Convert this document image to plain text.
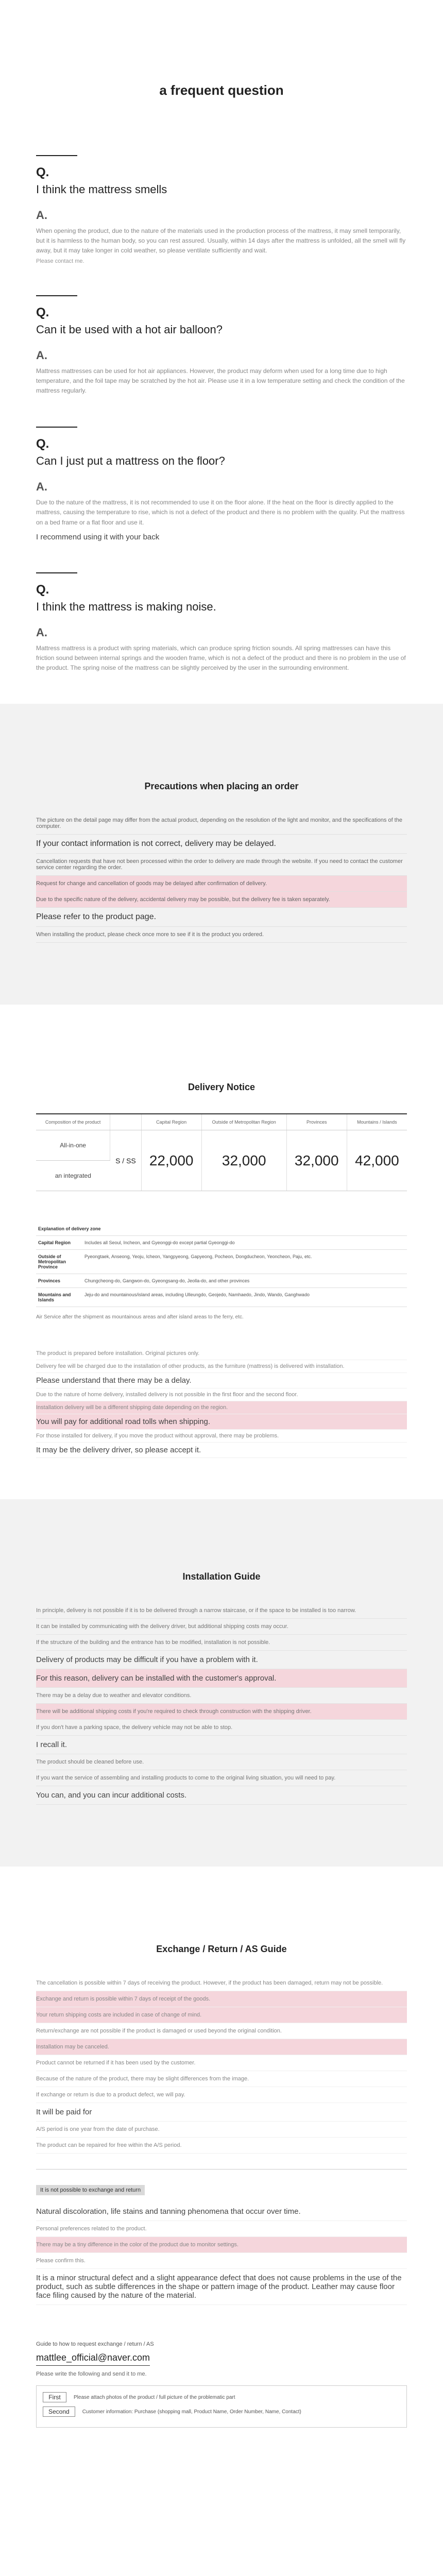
a frequent question
Q.
I think the mattress smells
A.
When opening the product, due to the nature of the materials used in the production process of the mattress, it may smell temporarily, but it is harmless to the human body, so you can rest assured. Usually, within 14 days after the mattress is unfolded, all the smell will fly away, but it may take longer in cold weather, so please ventilate sufficiently and wait.
Please contact me.
Q.
Can it be used with a hot air balloon?
A.
Mattress mattresses can be used for hot air appliances. However, the product may deform when used for a long time due to high temperature, and the foil tape may be scratched by the hot air. Please use it in a low temperature setting and check the condition of the mattress regularly.
Q.
Can I just put a mattress on the floor?
A.
Due to the nature of the mattress, it is not recommended to use it on the floor alone. If the heat on the floor is directly applied to the mattress, causing the temperature to rise, which is not a defect of the product and there is no problem with the quality. Put the mattress on a bed frame or a flat floor and use it.
I recommend using it with your back
Q.
I think the mattress is making noise.
A.
Mattress mattress is a product with spring materials, which can produce spring friction sounds. All spring mattresses can have this friction sound between internal springs and the wooden frame, which is not a defect of the product and there is no problem in the use of the product. The spring noise of the mattress can be slightly perceived by the user in the surrounding environment.
Precautions when placing an order
The picture on the detail page may differ from the actual product, depending on the resolution of the light and monitor, and the specifications of the computer.
If your contact information is not correct, delivery may be delayed.
Cancellation requests that have not been processed within the order to delivery are made through the website. If you need to contact the customer service center regarding the order.
Request for change and cancellation of goods may be delayed after confirmation of delivery.
Due to the specific nature of the delivery, accidental delivery may be possible, but the delivery fee is taken separately.
Please refer to the product page.
When installing the product, please check once more to see if it is the product you ordered.
Delivery Notice
Composition of the product		Capital Region	Outside of Metropolitan Region	Provinces	Mountains / Islands
All-in-one	S / SS	22,000	32,000	32,000	42,000
an integrated					
Explanation of delivery zone	
Capital Region	Includes all Seoul, Incheon, and Gyeonggi-do except partial Gyeonggi-do
Outside of Metropolitan Province	Pyeongtaek, Anseong, Yeoju, Icheon, Yangpyeong, Gapyeong, Pocheon, Dongducheon, Yeoncheon, Paju, etc.
Provinces	Chungcheong-do, Gangwon-do, Gyeongsang-do, Jeolla-do, and other provinces
Mountains and Islands	Jeju-do and mountainous/island areas, including Ulleungdo, Geojedo, Namhaedo, Jindo, Wando, Ganghwado

Air Service after the shipment as mountainous areas and after island areas to the ferry, etc.

The product is prepared before installation. Original pictures only.

Delivery fee will be charged due to the installation of other products, as the furniture (mattress) is delivered with installation.

Please understand that there may be a delay.

Due to the nature of home delivery, installed delivery is not possible in the first floor and the second floor.

Installation delivery will be a different shipping date depending on the region.

You will pay for additional road tolls when shipping.

For those installed for delivery, if you move the product without approval, there may be problems.

It may be the delivery driver, so please accept it.

Installation Guide

In principle, delivery is not possible if it is to be delivered through a narrow staircase, or if the space to be installed is too narrow.

It can be installed by communicating with the delivery driver, but additional shipping costs may occur.

If the structure of the building and the entrance has to be modified, installation is not possible.

Delivery of products may be difficult if you have a problem with it.

For this reason, delivery can be installed with the customer's approval.

There may be a delay due to weather and elevator conditions.

There will be additional shipping costs if you're required to check through construction with the shipping driver.

If you don't have a parking space, the delivery vehicle may not be able to stop.

I recall it.

The product should be cleaned before use.

If you want the service of assembling and installing products to come to the original living situation, you will need to pay.

You can, and you can incur additional costs.

Exchange / Return / AS Guide

The cancellation is possible within 7 days of receiving the product. However, if the product has been damaged, return may not be possible.

Exchange and return is possible within 7 days of receipt of the goods.

Your return shipping costs are included in case of change of mind.

Return/exchange are not possible if the product is damaged or used beyond the original condition.

Installation may be canceled.

Product cannot be returned if it has been used by the customer.

Because of the nature of the product, there may be slight differences from the image.

If exchange or return is due to a product defect, we will pay.

It will be paid for

A/S period is one year from the date of purchase.

The product can be repaired for free within the A/S period.

It is not possible to exchange and return

Natural discoloration, life stains and tanning phenomena that occur over time.

Personal preferences related to the product.

There may be a tiny difference in the color of the product due to monitor settings.

Please confirm this.

It is a minor structural defect and a slight appearance defect that does not cause problems in the use of the product, such as subtle differences in the shape or pattern image of the product. Leather may cause floor face filing caused by the nature of the material.

Guide to how to request exchange / return / AS

mattlee_official@naver.com

Please write the following and send it to me.

First	Please attach photos of the product / full picture of the problematic part
Second	Customer information: Purchase (shopping mall, Product Name, Order Number, Name, Contact)
